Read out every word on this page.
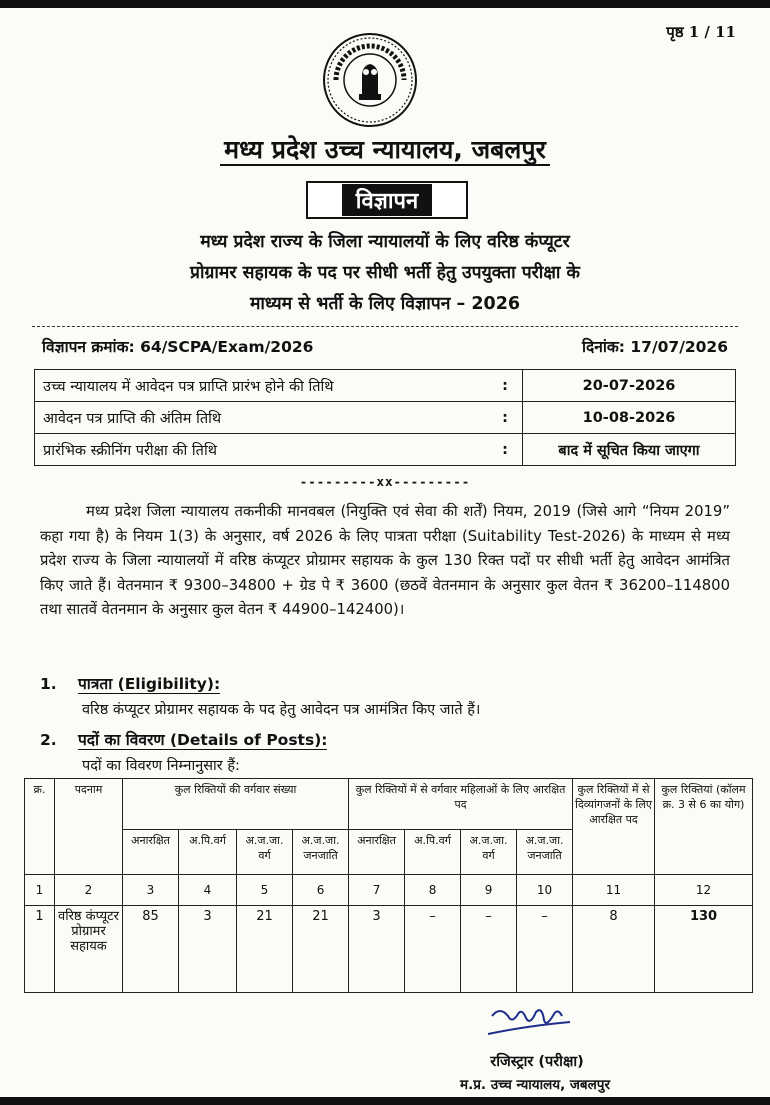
पृष्ठ 1 / 11
मध्य प्रदेश उच्च न्यायालय, जबलपुर
विज्ञापन
मध्य प्रदेश राज्य के जिला न्यायालयों के लिए वरिष्ठ कंप्यूटर
प्रोग्रामर सहायक के पद पर सीधी भर्ती हेतु उपयुक्ता परीक्षा के
माध्यम से भर्ती के लिए विज्ञापन – 2026
विज्ञापन क्रमांक: 64/SCPA/Exam/2026	दिनांक: 17/07/2026
उच्च न्यायालय में आवेदन पत्र प्राप्ति प्रारंभ होने की तिथि	:	20-07-2026
आवेदन पत्र प्राप्ति की अंतिम तिथि	:	10-08-2026
प्रारंभिक स्क्रीनिंग परीक्षा की तिथि	:	बाद में सूचित किया जाएगा
---------xx---------
मध्य प्रदेश जिला न्यायालय तकनीकी मानवबल (नियुक्ति एवं सेवा की शर्तें) नियम, 2019 (जिसे आगे “नियम 2019” कहा गया है) के नियम 1(3) के अनुसार, वर्ष 2026 के लिए पात्रता परीक्षा (Suitability Test-2026) के माध्यम से मध्य प्रदेश राज्य के जिला न्यायालयों में वरिष्ठ कंप्यूटर प्रोग्रामर सहायक के कुल 130 रिक्त पदों पर सीधी भर्ती हेतु आवेदन आमंत्रित किए जाते हैं। वेतनमान ₹ 9300–34800 + ग्रेड पे ₹ 3600 (छठवें वेतनमान के अनुसार कुल वेतन ₹ 36200–114800 तथा सातवें वेतनमान के अनुसार कुल वेतन ₹ 44900–142400)।
1. पात्रता (Eligibility):
वरिष्ठ कंप्यूटर प्रोग्रामर सहायक के पद हेतु आवेदन पत्र आमंत्रित किए जाते हैं।
2. पदों का विवरण (Details of Posts):
पदों का विवरण निम्नानुसार हैं:
क्र.	पदनाम	कुल रिक्तियों की वर्गवार संख्या				कुल रिक्तियों में से वर्गवार महिलाओं के लिए आरक्षित पद				कुल रिक्तियों में से दिव्यांगजनों के लिए आरक्षित पद	कुल रिक्तियां (कॉलम क्र. 3 से 6 का योग)
		अनारक्षित	अ.पि.वर्ग	अ.ज.जा. वर्ग	अ.ज.जा. जनजाति	अनारक्षित	अ.पि.वर्ग	अ.ज.जा. वर्ग	अ.ज.जा. जनजाति		
1	2	3	4	5	6	7	8	9	10	11	12
1	वरिष्ठ कंप्यूटर प्रोग्रामर सहायक	85	3	21	21	3	–	–	–	8	130
रजिस्ट्रार (परीक्षा)
म.प्र. उच्च न्यायालय, जबलपुर
